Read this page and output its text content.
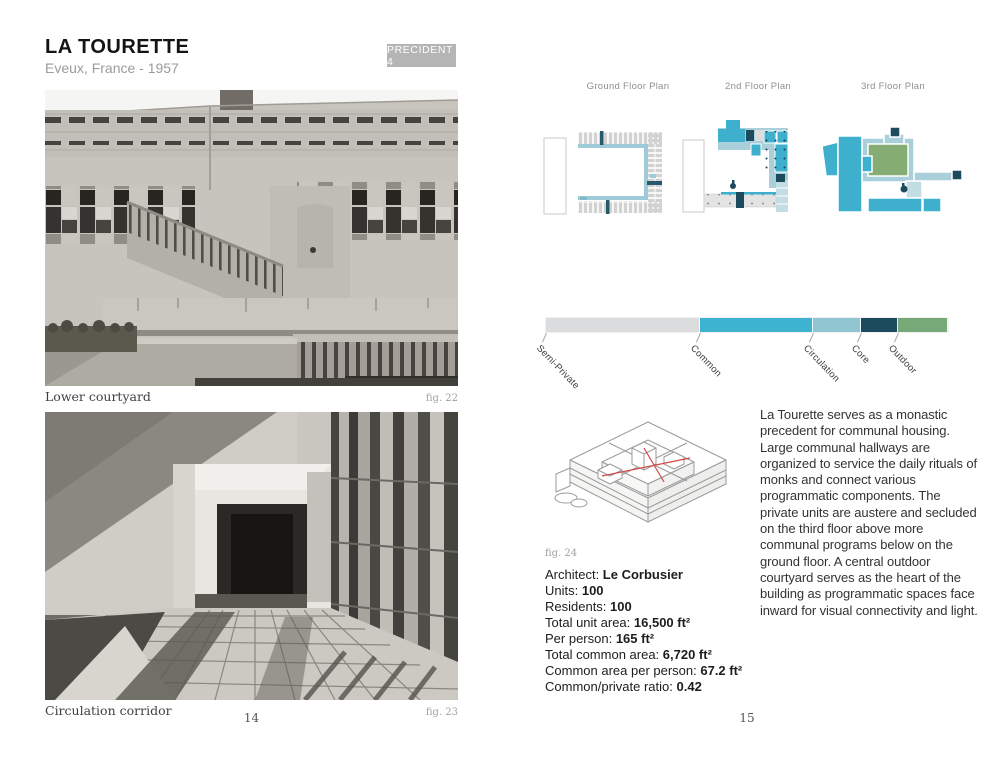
LA TOURETTE
Eveux, France - 1957
PRECIDENT 4
Lower courtyard	fig. 22
Circulation corridor	fig. 23
14
Ground Floor Plan	2nd Floor Plan	3rd Floor Plan
Semi-Private	Common	Circulation Core Outdoor
fig. 24
Architect: Le Corbusier
Units: 100
Residents: 100
Total unit area: 16,500 ft²
Per person: 165 ft²
Total common area: 6,720 ft²
Common area per person: 67.2 ft²
Common/private ratio: 0.42
La Tourette serves as a monastic precedent for communal housing. Large communal hallways are organized to service the daily rituals of monks and connect various programmatic components. The private units are austere and secluded on the third floor above more communal programs below on the ground floor. A central outdoor courtyard serves as the heart of the building as programmatic spaces face inward for visual connectivity and light.
15
